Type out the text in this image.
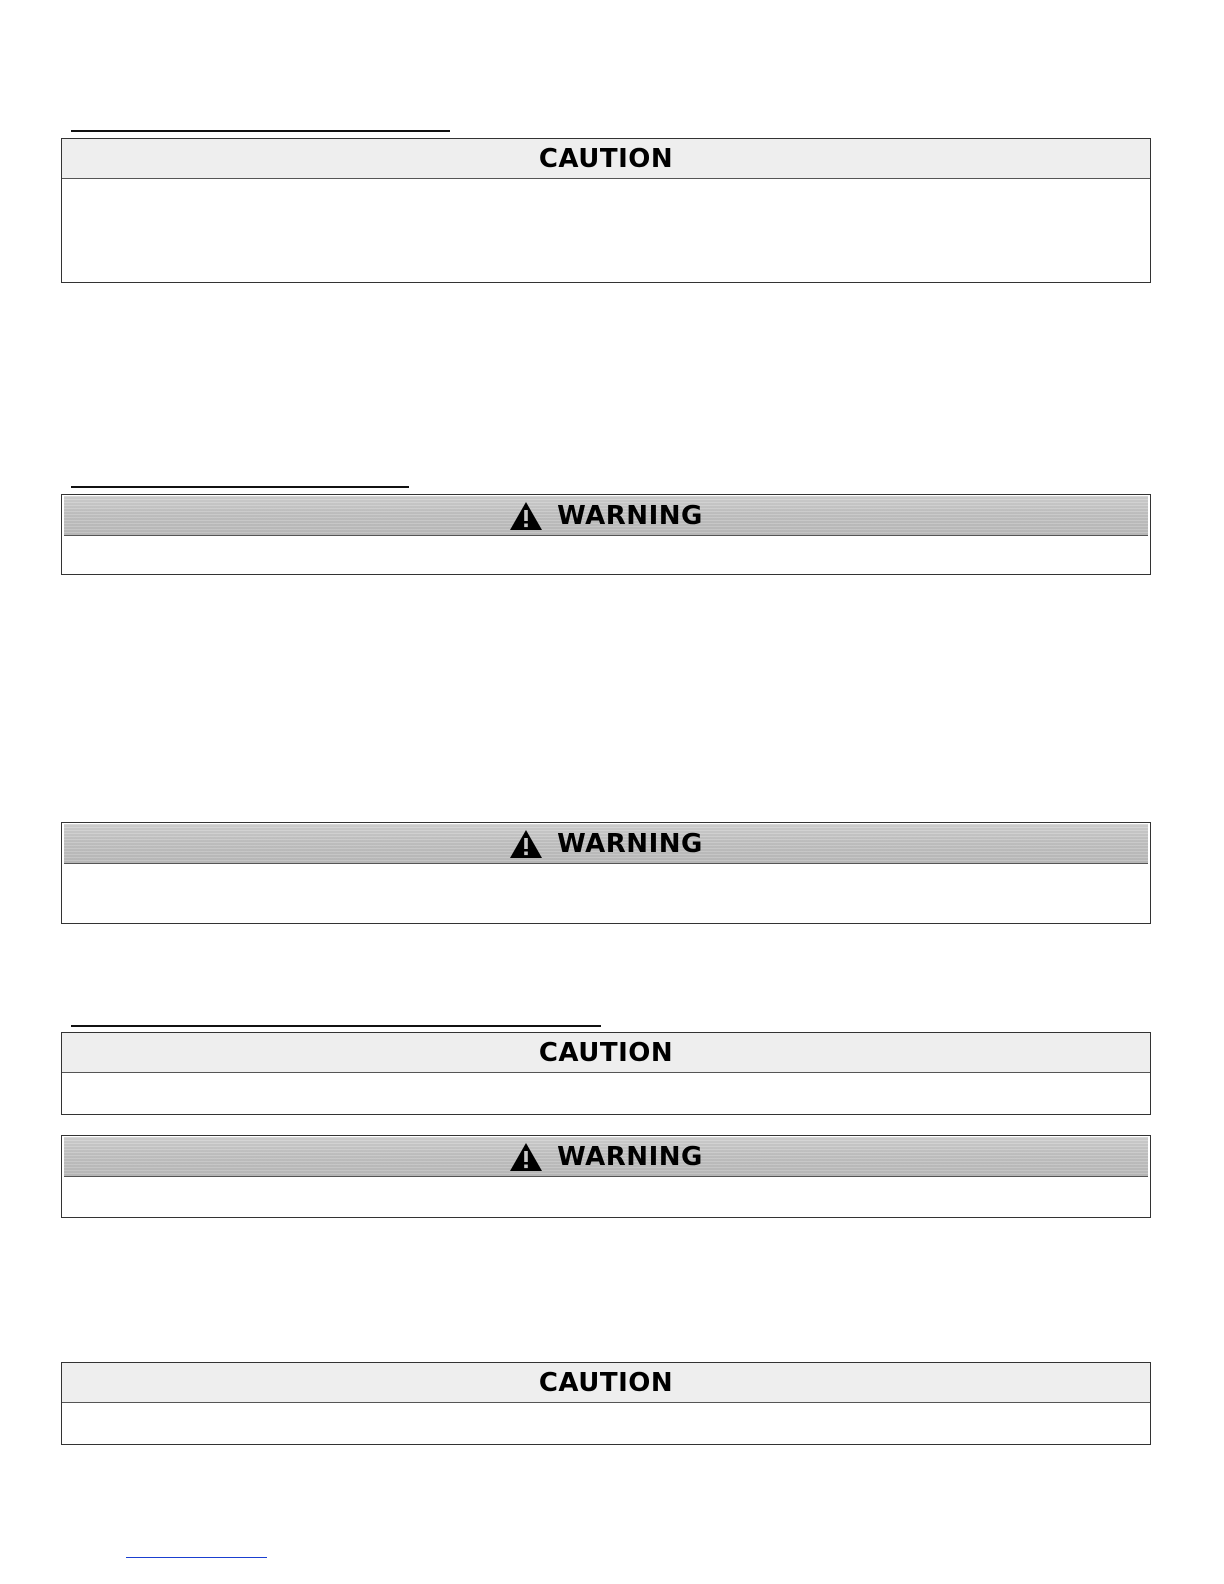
CAUTION
WARNING
WARNING
CAUTION
WARNING
CAUTION
